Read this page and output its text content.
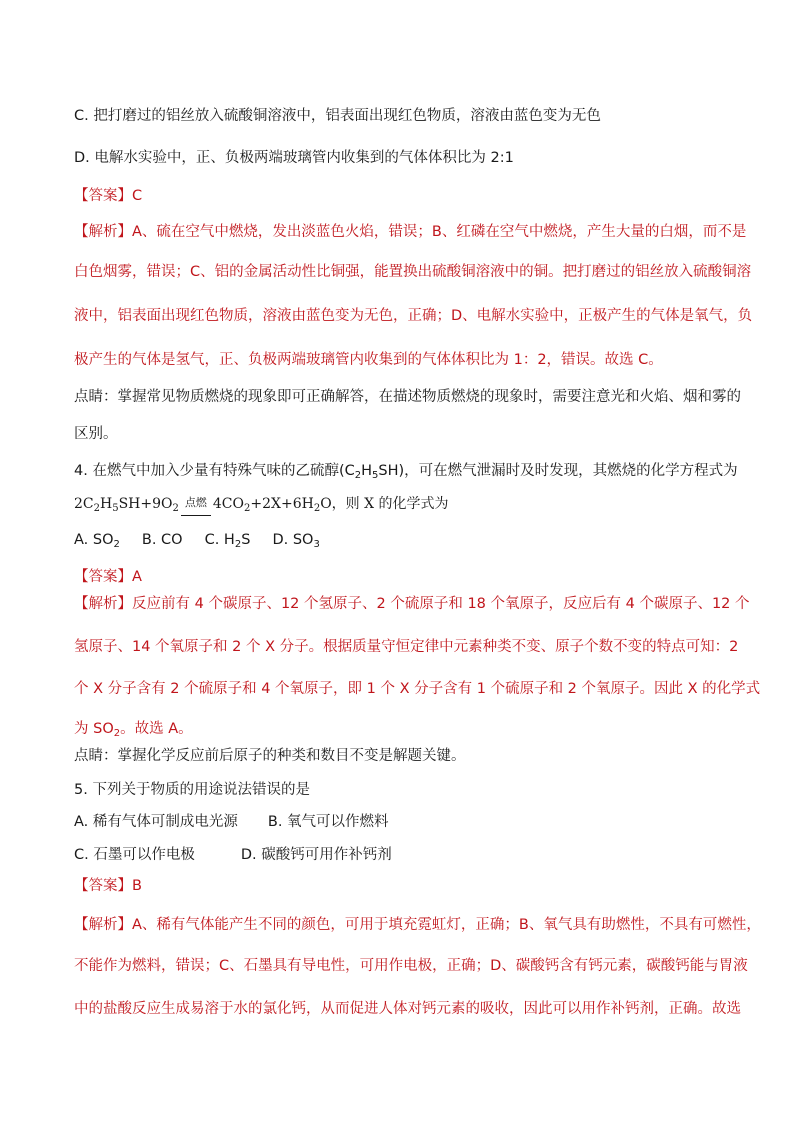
C. 把打磨过的铝丝放入硫酸铜溶液中，铝表面出现红色物质，溶液由蓝色变为无色
D. 电解水实验中，正、负极两端玻璃管内收集到的气体体积比为 2:1
【答案】C
【解析】A、硫在空气中燃烧，发出淡蓝色火焰，错误；B、红磷在空气中燃烧，产生大量的白烟，而不是
白色烟雾，错误；C、铝的金属活动性比铜强，能置换出硫酸铜溶液中的铜。把打磨过的铝丝放入硫酸铜溶
液中，铝表面出现红色物质，溶液由蓝色变为无色，正确；D、电解水实验中，正极产生的气体是氧气，负
极产生的气体是氢气，正、负极两端玻璃管内收集到的气体体积比为 1：2，错误。故选 C。
点睛：掌握常见物质燃烧的现象即可正确解答，在描述物质燃烧的现象时，需要注意光和火焰、烟和雾的
区别。
4. 在燃气中加入少量有特殊气味的乙硫醇$(C_2H_5SH)$，可在燃气泄漏时及时发现，其燃烧的化学方程式为
$2C_2H_5SH+9O_2$ 点燃 $4CO_2+2X+6H_2O$，则 X 的化学式为
A. $SO_2$ B. CO C. $H_2S$ D. $SO_3$
【答案】A
【解析】反应前有 4 个碳原子、12 个氢原子、2 个硫原子和 18 个氧原子，反应后有 4 个碳原子、12 个
氢原子、14 个氧原子和 2 个 X 分子。根据质量守恒定律中元素种类不变、原子个数不变的特点可知：2
个 X 分子含有 2 个硫原子和 4 个氧原子，即 1 个 X 分子含有 1 个硫原子和 2 个氧原子。因此 X 的化学式
为 $SO_2$。故选 A。
点睛：掌握化学反应前后原子的种类和数目不变是解题关键。
5. 下列关于物质的用途说法错误的是
A. 稀有气体可制成电光源 B. 氧气可以作燃料
C. 石墨可以作电极	D. 碳酸钙可用作补钙剂
【答案】B
【解析】A、稀有气体能产生不同的颜色，可用于填充霓虹灯，正确；B、氧气具有助燃性，不具有可燃性，
不能作为燃料，错误；C、石墨具有导电性，可用作电极，正确；D、碳酸钙含有钙元素，碳酸钙能与胃液
中的盐酸反应生成易溶于水的氯化钙，从而促进人体对钙元素的吸收，因此可以用作补钙剂，正确。故选
